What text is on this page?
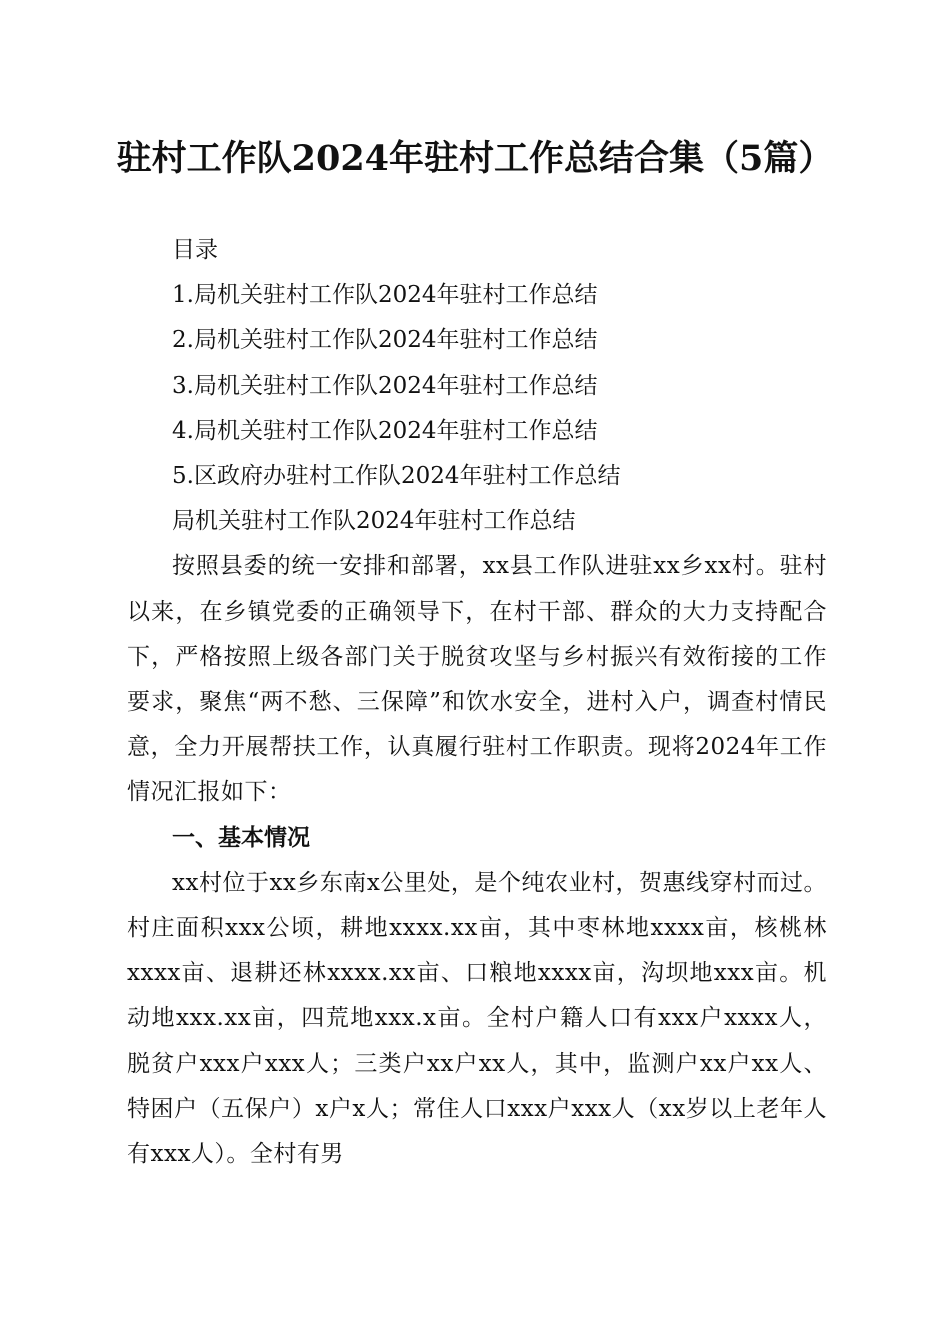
驻村工作队2024年驻村工作总结合集（5篇）

目录

1.局机关驻村工作队2024年驻村工作总结

2.局机关驻村工作队2024年驻村工作总结

3.局机关驻村工作队2024年驻村工作总结

4.局机关驻村工作队2024年驻村工作总结

5.区政府办驻村工作队2024年驻村工作总结

局机关驻村工作队2024年驻村工作总结

按照县委的统一安排和部署，xx县工作队进驻xx乡xx村。驻村以来，在乡镇党委的正确领导下，在村干部、群众的大力支持配合下，严格按照上级各部门关于脱贫攻坚与乡村振兴有效衔接的工作要求，聚焦“两不愁、三保障”和饮水安全，进村入户，调查村情民意，全力开展帮扶工作，认真履行驻村工作职责。现将2024年工作情况汇报如下：

一、基本情况

xx村位于xx乡东南x公里处，是个纯农业村，贺惠线穿村而过。村庄面积xxx公顷，耕地xxxx.xx亩，其中枣林地xxxx亩，核桃林xxxx亩、退耕还林xxxx.xx亩、口粮地xxxx亩，沟坝地xxx亩。机动地xxx.xx亩，四荒地xxx.x亩。全村户籍人口有xxx户xxxx人，脱贫户xxx户xxx人；三类户xx户xx人，其中，监测户xx户xx人、特困户（五保户）x户x人；常住人口xxx户xxx人（xx岁以上老年人有xxx人）。全村有男
